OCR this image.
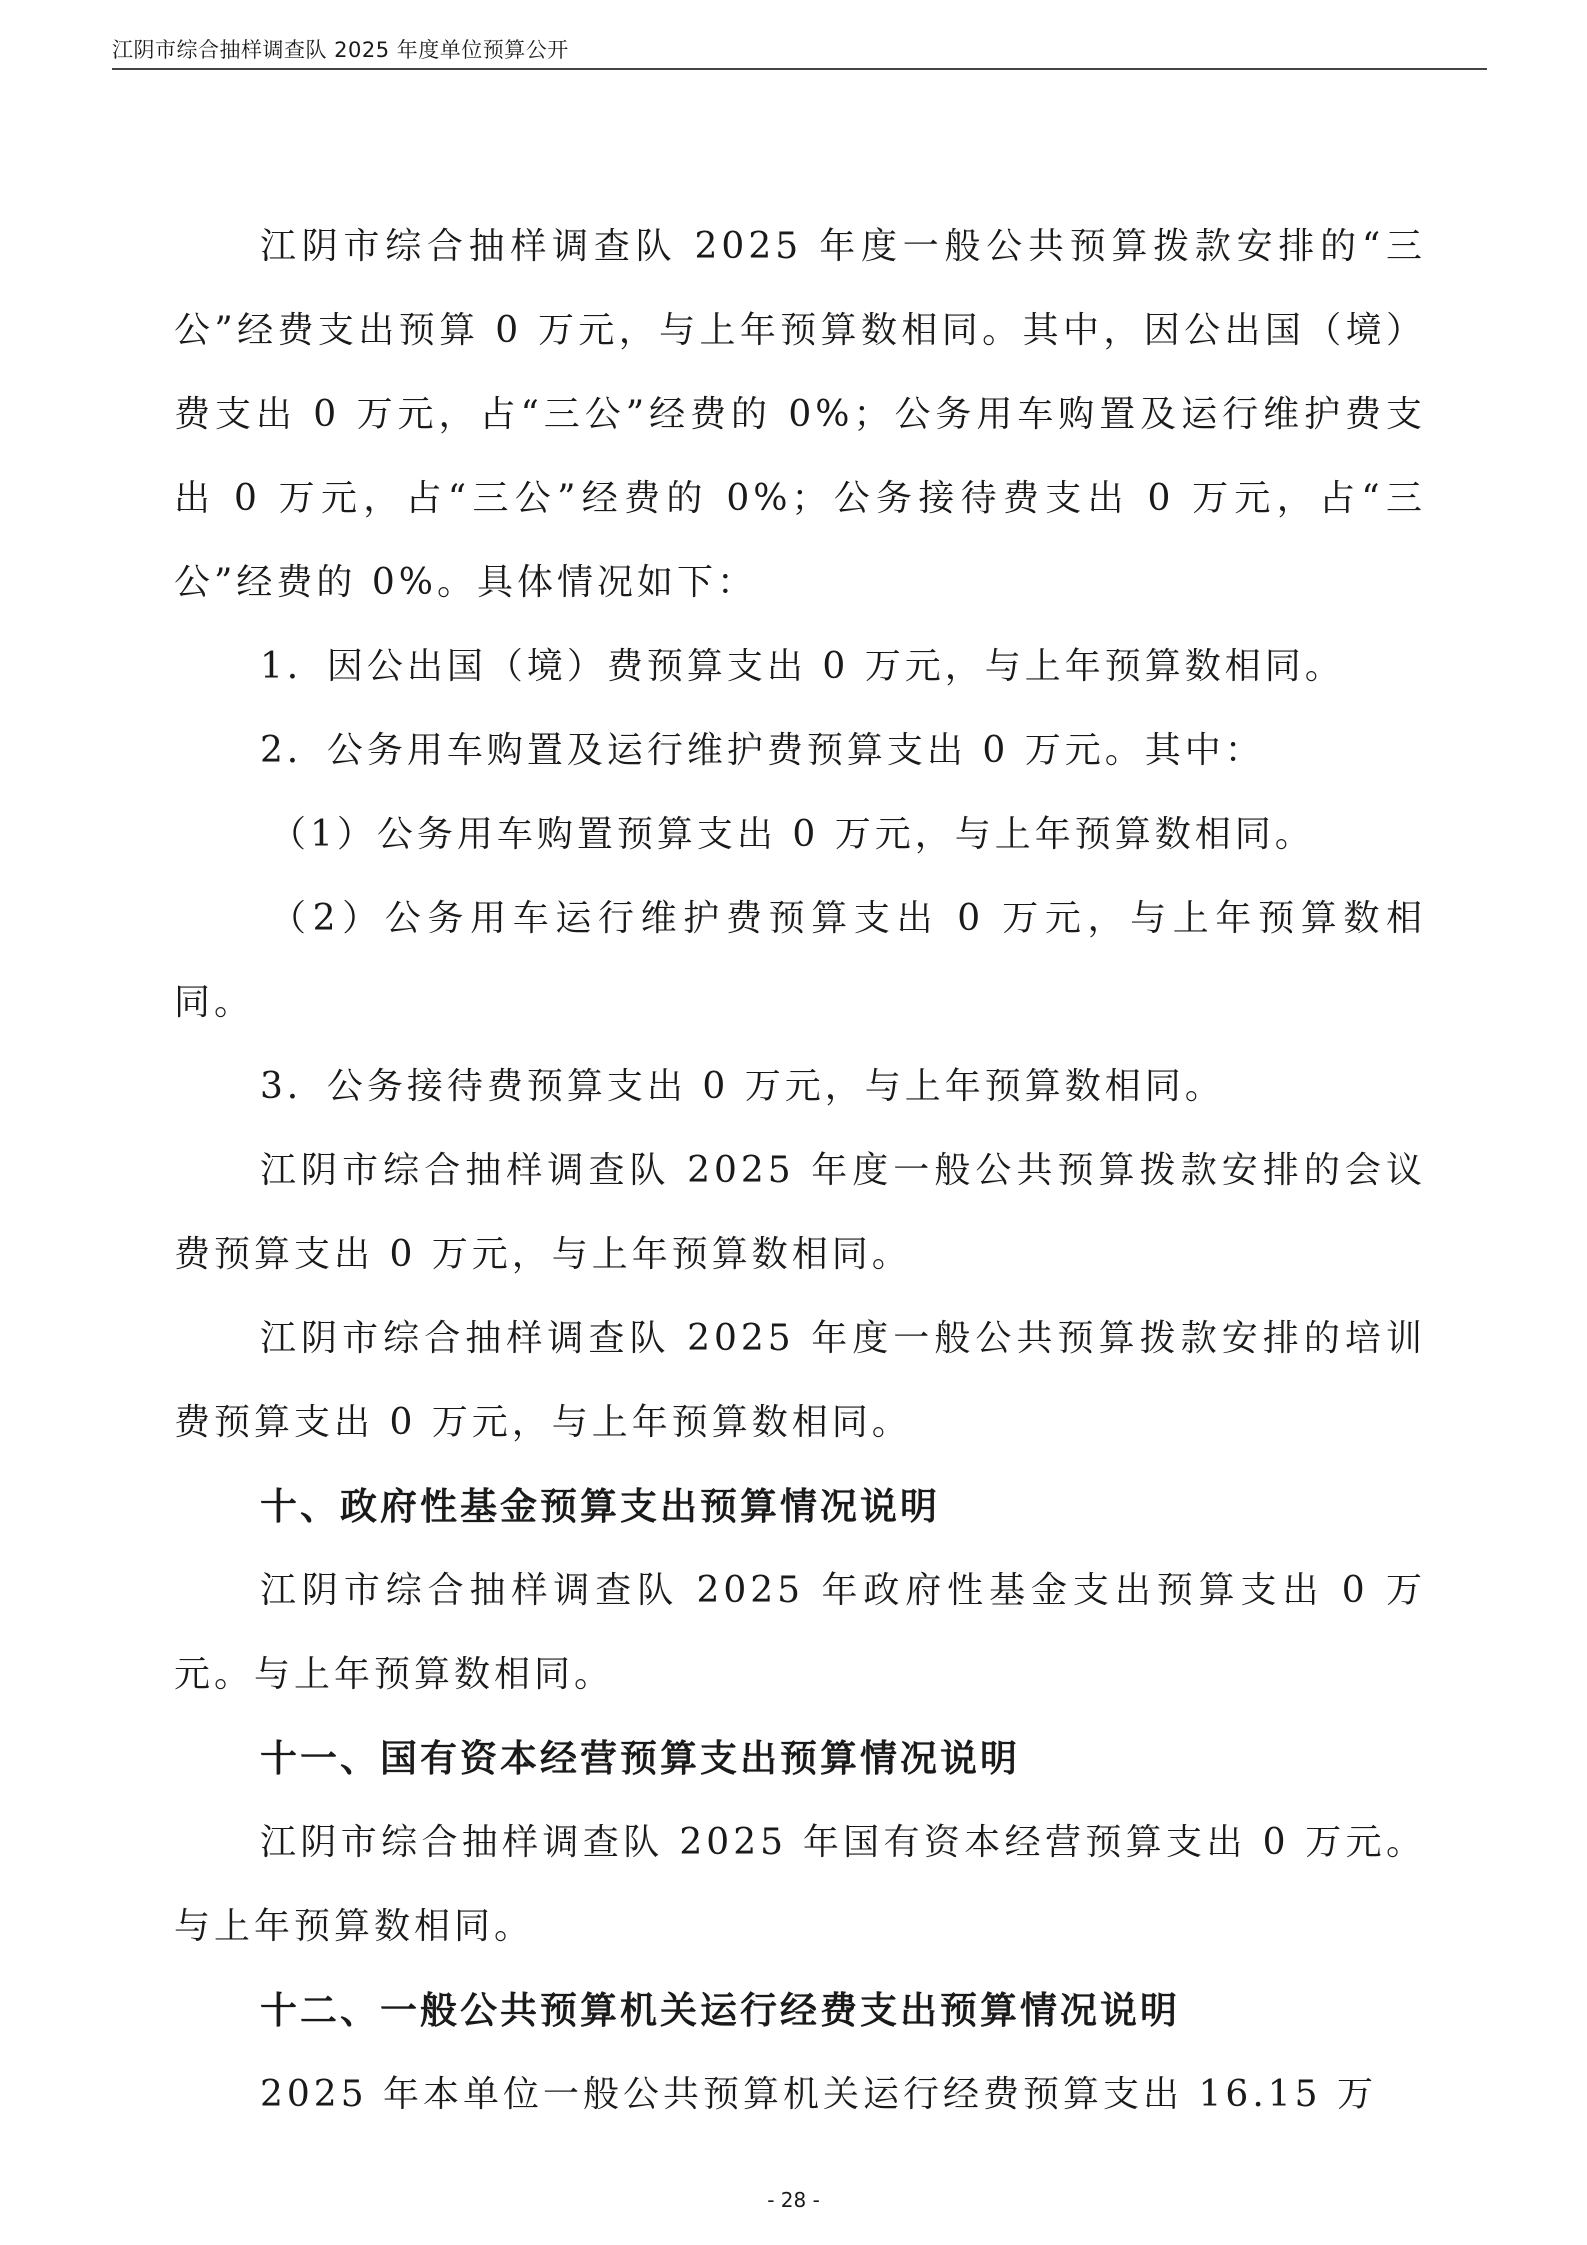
江阴市综合抽样调查队 2025 年度单位预算公开

江阴市综合抽样调查队 2025 年度一般公共预算拨款安排的“三公”经费支出预算 0 万元，与上年预算数相同。其中，因公出国（境）费支出 0 万元，占“三公”经费的 0%；公务用车购置及运行维护费支出 0 万元，占“三公”经费的 0%；公务接待费支出 0 万元，占“三公”经费的 0%。具体情况如下：

1．因公出国（境）费预算支出 0 万元，与上年预算数相同。

2．公务用车购置及运行维护费预算支出 0 万元。其中：

（1）公务用车购置预算支出 0 万元，与上年预算数相同。

（2）公务用车运行维护费预算支出 0 万元，与上年预算数相同。

3．公务接待费预算支出 0 万元，与上年预算数相同。

江阴市综合抽样调查队 2025 年度一般公共预算拨款安排的会议费预算支出 0 万元，与上年预算数相同。

江阴市综合抽样调查队 2025 年度一般公共预算拨款安排的培训费预算支出 0 万元，与上年预算数相同。

十、政府性基金预算支出预算情况说明

江阴市综合抽样调查队 2025 年政府性基金支出预算支出 0 万元。与上年预算数相同。

十一、国有资本经营预算支出预算情况说明

江阴市综合抽样调查队 2025 年国有资本经营预算支出 0 万元。与上年预算数相同。

十二、一般公共预算机关运行经费支出预算情况说明

2025 年本单位一般公共预算机关运行经费预算支出 16.15 万

- 28 -
